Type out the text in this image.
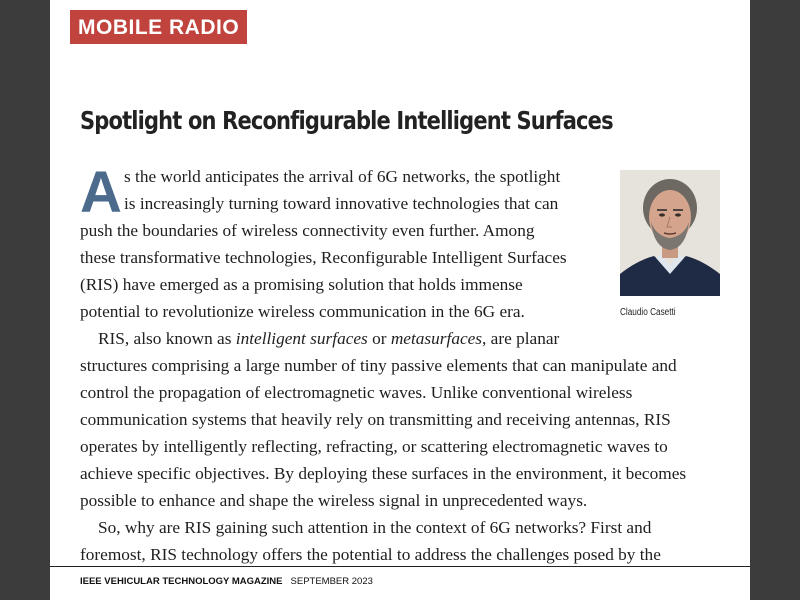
MOBILE RADIO
Spotlight on Reconfigurable Intelligent Surfaces
A s the world anticipates the arrival of 6G networks, the spotlight
is increasingly turning toward innovative technologies that can
push the boundaries of wireless connectivity even further. Among
these transformative technologies, Reconfigurable Intelligent Surfaces
(RIS) have emerged as a promising solution that holds immense
potential to revolutionize wireless communication in the 6G era.	Claudio Casetti
RIS, also known as intelligent surfaces or metasurfaces, are planar
structures comprising a large number of tiny passive elements that can manipulate and
control the propagation of electromagnetic waves. Unlike conventional wireless
communication systems that heavily rely on transmitting and receiving antennas, RIS
operates by intelligently reflecting, refracting, or scattering electromagnetic waves to
achieve specific objectives. By deploying these surfaces in the environment, it becomes
possible to enhance and shape the wireless signal in unprecedented ways.
So, why are RIS gaining such attention in the context of 6G networks? First and
foremost, RIS technology offers the potential to address the challenges posed by the
IEEE VEHICULAR TECHNOLOGY MAGAZINE SEPTEMBER 2023
